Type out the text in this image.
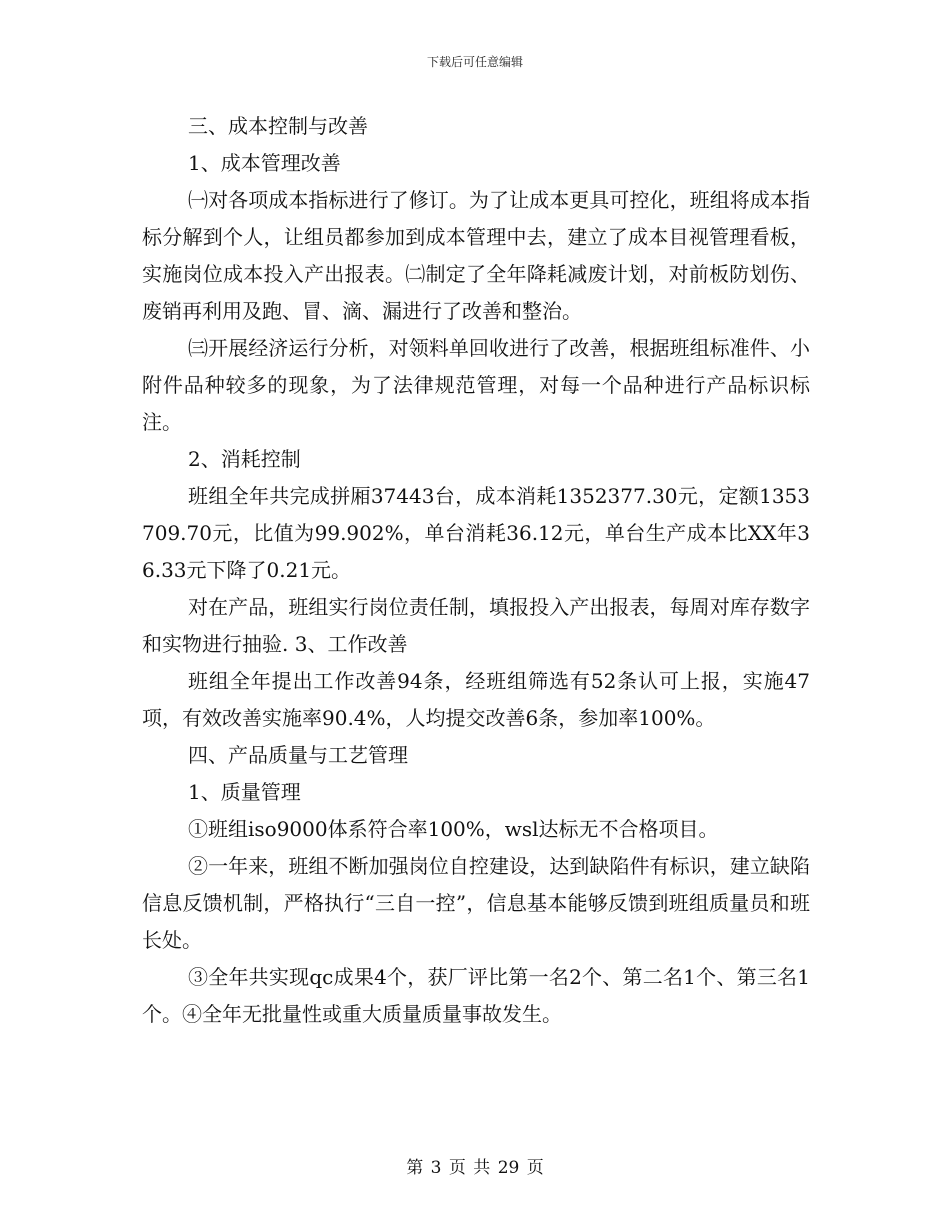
下载后可任意编辑

三、成本控制与改善

1、成本管理改善

㈠对各项成本指标进行了修订。为了让成本更具可控化，班组将成本指标分解到个人，让组员都参加到成本管理中去，建立了成本目视管理看板，实施岗位成本投入产出报表。㈡制定了全年降耗减废计划，对前板防划伤、废销再利用及跑、冒、滴、漏进行了改善和整治。

㈢开展经济运行分析，对领料单回收进行了改善，根据班组标准件、小附件品种较多的现象，为了法律规范管理，对每一个品种进行产品标识标注。

2、消耗控制

班组全年共完成拼厢37443台，成本消耗1352377.30元，定额1353709.70元，比值为99.902%，单台消耗36.12元，单台生产成本比XX年36.33元下降了0.21元。

对在产品，班组实行岗位责任制，填报投入产出报表，每周对库存数字和实物进行抽验. 3、工作改善

班组全年提出工作改善94条，经班组筛选有52条认可上报，实施47项，有效改善实施率90.4%，人均提交改善6条，参加率100%。

四、产品质量与工艺管理

1、质量管理

①班组iso9000体系符合率100%，wsl达标无不合格项目。

②一年来，班组不断加强岗位自控建设，达到缺陷件有标识，建立缺陷信息反馈机制，严格执行“三自一控”，信息基本能够反馈到班组质量员和班长处。

③全年共实现qc成果4个，获厂评比第一名2个、第二名1个、第三名1个。④全年无批量性或重大质量质量事故发生。

第 3 页 共 29 页
